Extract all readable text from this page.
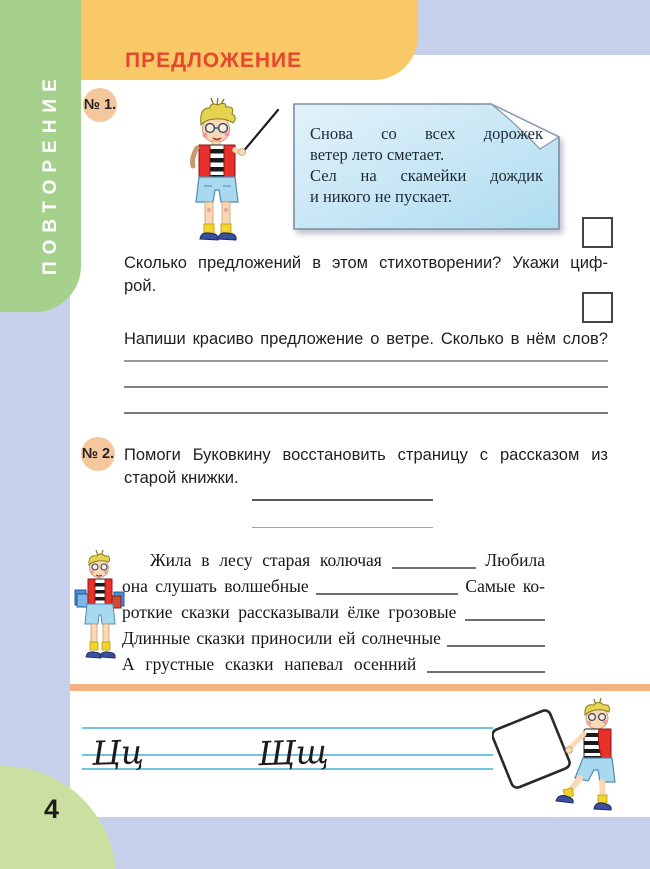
ПРЕДЛОЖЕНИЕ
ПОВТОРЕНИЕ № 1.
Снова со всех дорожек
ветер лето сметает.
Сел на скамейки дождик
и никого не пускает.
Сколько предложений в этом стихотворении? Укажи циф-
рой.
Напиши красиво предложение о ветре. Сколько в нём слов?
№ 2. Помоги Буковкину восстановить страницу с рассказом из
старой книжки.
Жила в лесу старая колючая	Любила
она слушать волшебные	Самые ко-
роткие сказки рассказывали ёлке грозовые
Длинные сказки приносили ей солнечные
А грустные сказки напевал осенний
Цц	Щщ
4
